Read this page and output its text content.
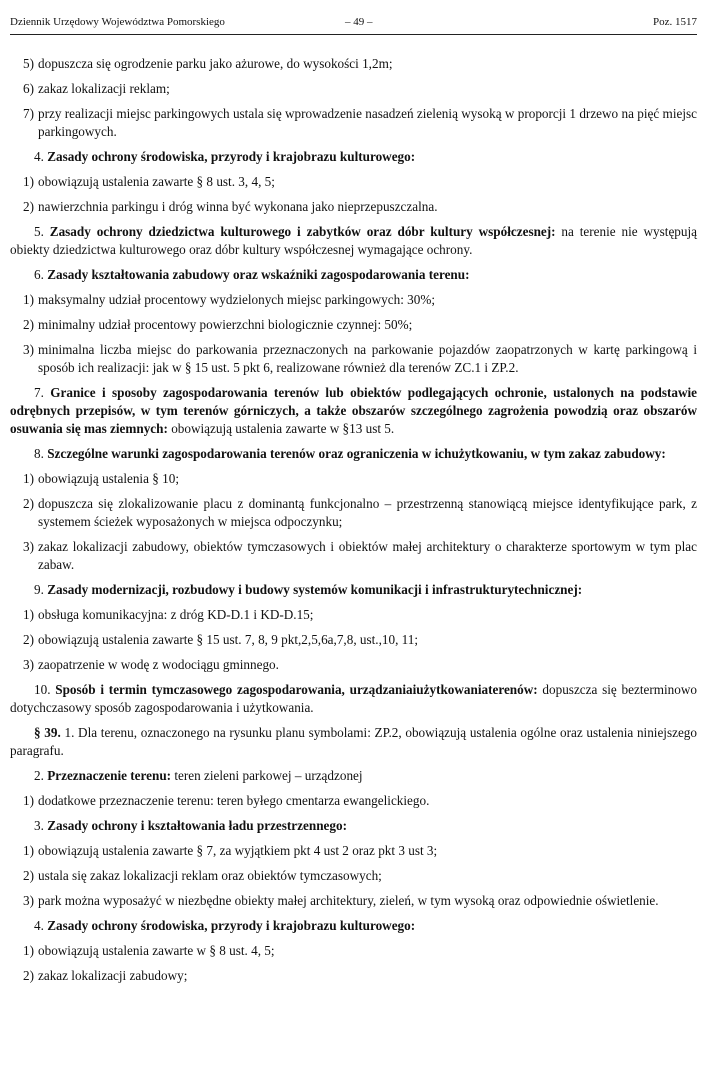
Dziennik Urzędowy Województwa Pomorskiego	– 49 –	Poz. 1517
5) dopuszcza się ogrodzenie parku jako ażurowe, do wysokości 1,2m;
6) zakaz lokalizacji reklam;
7) przy realizacji miejsc parkingowych ustala się wprowadzenie nasadzeń zielenią wysoką w proporcji 1 drzewo na pięć miejsc parkingowych.
4. Zasady ochrony środowiska, przyrody i krajobrazu kulturowego:
1) obowiązują ustalenia zawarte § 8 ust. 3, 4, 5;
2) nawierzchnia parkingu i dróg winna być wykonana jako nieprzepuszczalna.
5. Zasady ochrony dziedzictwa kulturowego i zabytków oraz dóbr kultury współczesnej: na terenie nie występują obiekty dziedzictwa kulturowego oraz dóbr kultury współczesnej wymagające ochrony.
6. Zasady kształtowania zabudowy oraz wskaźniki zagospodarowania terenu:
1) maksymalny udział procentowy wydzielonych miejsc parkingowych: 30%;
2) minimalny udział procentowy powierzchni biologicznie czynnej: 50%;
3) minimalna liczba miejsc do parkowania przeznaczonych na parkowanie pojazdów zaopatrzonych w kartę parkingową i sposób ich realizacji: jak w § 15 ust. 5 pkt 6, realizowane również dla terenów ZC.1 i ZP.2.
7. Granice i sposoby zagospodarowania terenów lub obiektów podlegających ochronie, ustalonych na podstawie odrębnych przepisów, w tym terenów górniczych, a także obszarów szczególnego zagrożenia powodzią oraz obszarów osuwania się mas ziemnych: obowiązują ustalenia zawarte w §13 ust 5.
8. Szczególne warunki zagospodarowania terenów oraz ograniczenia w ichużytkowaniu, w tym zakaz zabudowy:
1) obowiązują ustalenia § 10;
2) dopuszcza się zlokalizowanie placu z dominantą funkcjonalno – przestrzenną stanowiącą miejsce identyfikujące park, z systemem ścieżek wyposażonych w miejsca odpoczynku;
3) zakaz lokalizacji zabudowy, obiektów tymczasowych i obiektów małej architektury o charakterze sportowym w tym plac zabaw.
9. Zasady modernizacji, rozbudowy i budowy systemów komunikacji i infrastrukturytechnicznej:
1) obsługa komunikacyjna: z dróg KD-D.1 i KD-D.15;
2) obowiązują ustalenia zawarte § 15 ust. 7, 8, 9 pkt,2,5,6a,7,8, ust.,10, 11;
3) zaopatrzenie w wodę z wodociągu gminnego.
10. Sposób i termin tymczasowego zagospodarowania, urządzaniaiużytkowaniaterenów: dopuszcza się bezterminowo dotychczasowy sposób zagospodarowania i użytkowania.
§ 39. 1. Dla terenu, oznaczonego na rysunku planu symbolami: ZP.2, obowiązują ustalenia ogólne oraz ustalenia niniejszego paragrafu.
2. Przeznaczenie terenu: teren zieleni parkowej – urządzonej
1) dodatkowe przeznaczenie terenu: teren byłego cmentarza ewangelickiego.
3. Zasady ochrony i kształtowania ładu przestrzennego:
1) obowiązują ustalenia zawarte § 7, za wyjątkiem pkt 4 ust 2 oraz pkt 3 ust 3;
2) ustala się zakaz lokalizacji reklam oraz obiektów tymczasowych;
3) park można wyposażyć w niezbędne obiekty małej architektury, zieleń, w tym wysoką oraz odpowiednie oświetlenie.
4. Zasady ochrony środowiska, przyrody i krajobrazu kulturowego:
1) obowiązują ustalenia zawarte w § 8 ust. 4, 5;
2) zakaz lokalizacji zabudowy;
